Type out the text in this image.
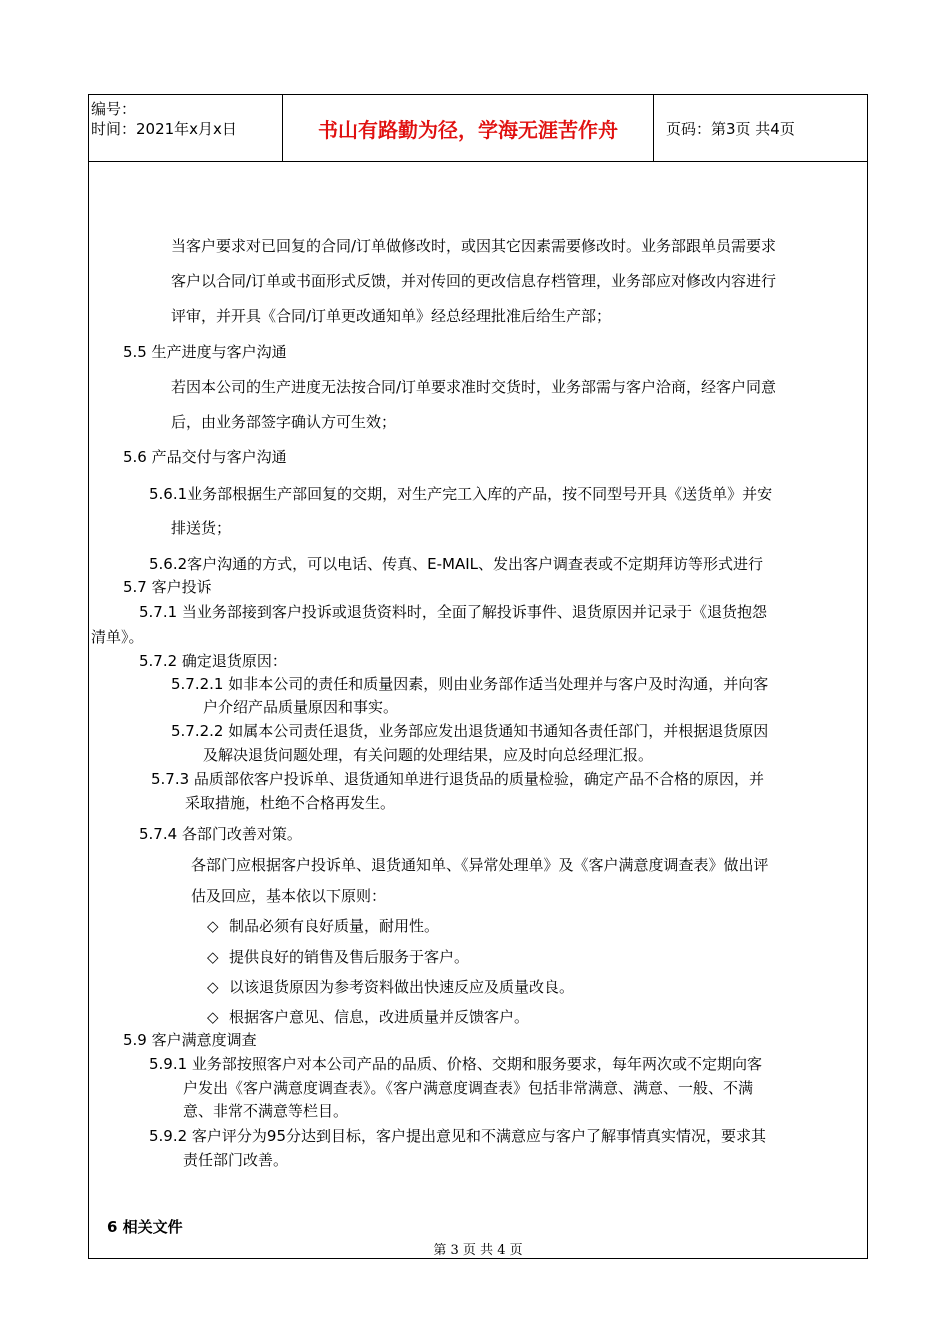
编号：
时间：2021年x月x日	书山有路勤为径，学海无涯苦作舟	页码：第3页 共4页
当客户要求对已回复的合同/订单做修改时，或因其它因素需要修改时。业务部跟单员需要求
客户以合同/订单或书面形式反馈，并对传回的更改信息存档管理，业务部应对修改内容进行
评审，并开具《合同/订单更改通知单》经总经理批准后给生产部；
5.5 生产进度与客户沟通
若因本公司的生产进度无法按合同/订单要求准时交货时，业务部需与客户洽商，经客户同意
后，由业务部签字确认方可生效；
5.6 产品交付与客户沟通
5.6.1业务部根据生产部回复的交期，对生产完工入库的产品，按不同型号开具《送货单》并安
排送货；
5.6.2客户沟通的方式，可以电话、传真、E-MAIL、发出客户调查表或不定期拜访等形式进行
5.7 客户投诉
5.7.1 当业务部接到客户投诉或退货资料时，全面了解投诉事件、退货原因并记录于《退货抱怨
清单》。
5.7.2 确定退货原因：
5.7.2.1 如非本公司的责任和质量因素，则由业务部作适当处理并与客户及时沟通，并向客
户介绍产品质量原因和事实。
5.7.2.2 如属本公司责任退货，业务部应发出退货通知书通知各责任部门，并根据退货原因
及解决退货问题处理，有关问题的处理结果，应及时向总经理汇报。
5.7.3 品质部依客户投诉单、退货通知单进行退货品的质量检验，确定产品不合格的原因，并
采取措施，杜绝不合格再发生。
5.7.4 各部门改善对策。
各部门应根据客户投诉单、退货通知单、《异常处理单》及《客户满意度调查表》做出评
估及回应，基本依以下原则：
◇ 制品必须有良好质量，耐用性。
◇ 提供良好的销售及售后服务于客户。
◇ 以该退货原因为参考资料做出快速反应及质量改良。
◇ 根据客户意见、信息，改进质量并反馈客户。
5.9 客户满意度调查
5.9.1 业务部按照客户对本公司产品的品质、价格、交期和服务要求，每年两次或不定期向客
户发出《客户满意度调查表》。《客户满意度调查表》包括非常满意、满意、一般、不满
意、非常不满意等栏目。
5.9.2 客户评分为95分达到目标，客户提出意见和不满意应与客户了解事情真实情况，要求其
责任部门改善。
6 相关文件
第 3 页 共 4 页
